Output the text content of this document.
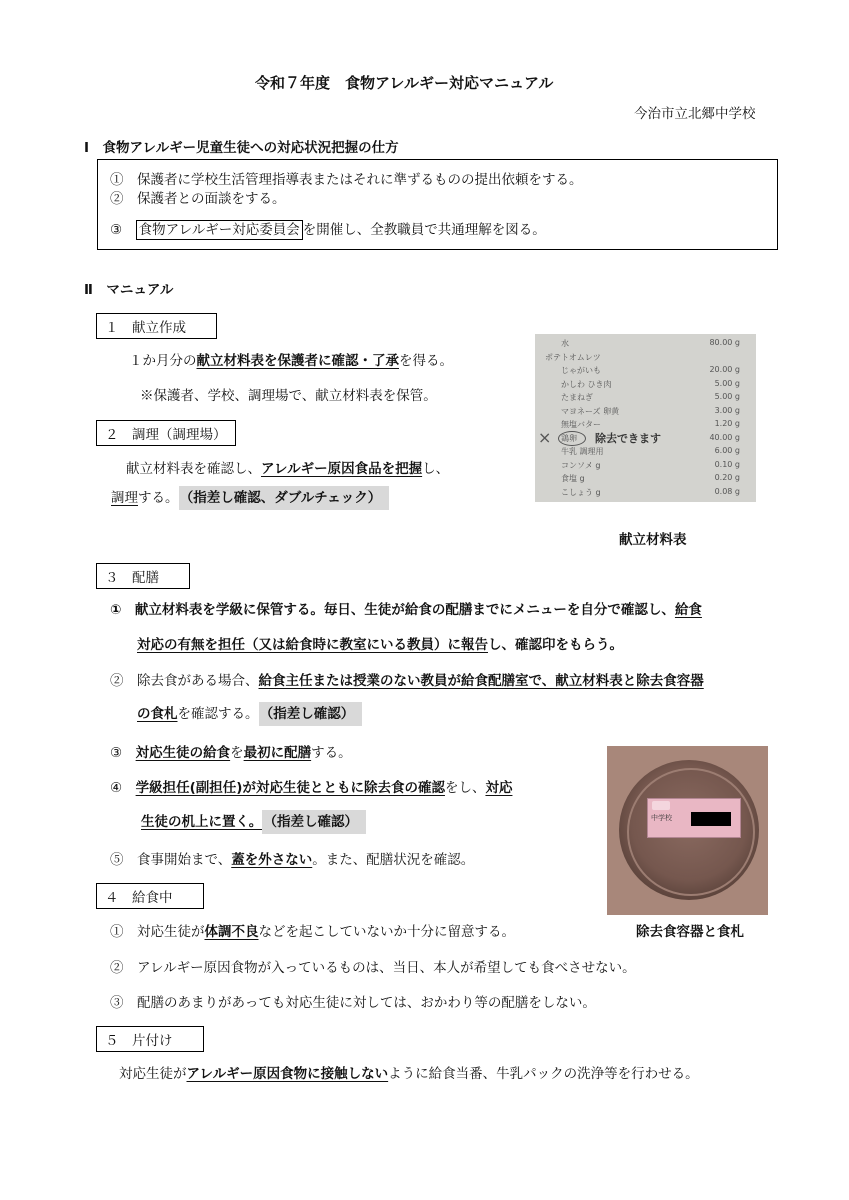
令和７年度　食物アレルギー対応マニュアル
今治市立北郷中学校
Ⅰ　食物アレルギー児童生徒への対応状況把握の仕方
①　保護者に学校生活管理指導表またはそれに準ずるものの提出依頼をする。
②　保護者との面談をする。
③　食物アレルギー対応委員会 を開催し、全教職員で共通理解を図る。
Ⅱ　マニュアル
１　献立作成
１か月分の献立材料表を保護者に確認・了承を得る。
※保護者、学校、調理場で、献立材料表を保管。
水	80.00 g
ポテトオムレツ
じゃがいも	20.00 g
かしわ ひき肉	5.00 g
たまねぎ	5.00 g
マヨネーズ 卵黄	3.00 g
無塩バター	1.20 g
鶏卵	40.00 g
牛乳 調理用	6.00 g
コンソメ g	0.10 g
食塩 g	0.20 g
こしょう g	0.08 g
×	除去できます
献立材料表
２　調理（調理場）
献立材料表を確認し、アレルギー原因食品を把握し、
調理する。 （指差し確認、ダブルチェック）
３　配膳
①　献立材料表を学級に保管する。毎日、生徒が給食の配膳までにメニューを自分で確認し、給食
対応の有無を担任（又は給食時に教室にいる教員）に報告し、確認印をもらう。
②　除去食がある場合、給食主任または授業のない教員が給食配膳室で、献立材料表と除去食容器
の食札を確認する。 （指差し確認）
③　対応生徒の給食を最初に配膳する。
④　学級担任(副担任)が対応生徒とともに除去食の確認をし、対応
生徒の机上に置く。 （指差し確認）
⑤　食事開始まで、蓋を外さない。また、配膳状況を確認。
中学校
除去食容器と食札
４　給食中
①　対応生徒が体調不良などを起こしていないか十分に留意する。
②　アレルギー原因食物が入っているものは、当日、本人が希望しても食べさせない。
③　配膳のあまりがあっても対応生徒に対しては、おかわり等の配膳をしない。
５　片付け
対応生徒がアレルギー原因食物に接触しないように給食当番、牛乳パックの洗浄等を行わせる。
